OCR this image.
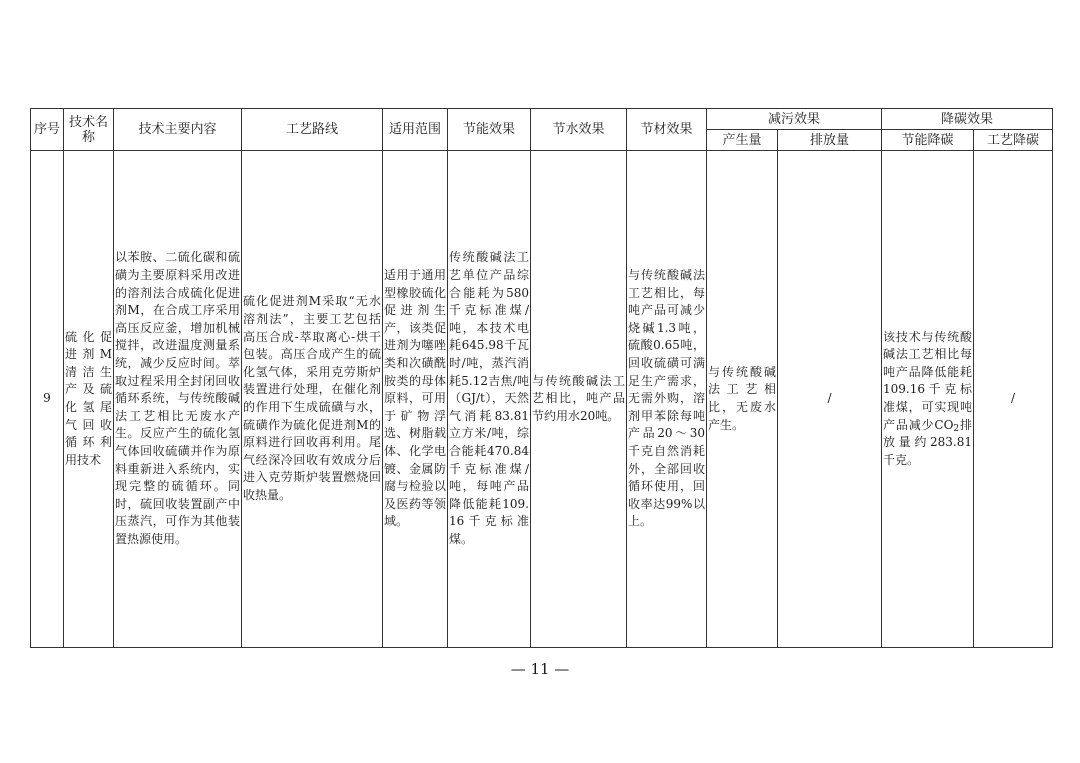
序号	技术名称	技术主要内容	工艺路线	适用范围	节能效果	节水效果	节材效果	减污效果		降碳效果	
								产生量	排放量	节能降碳	工艺降碳

9	硫化促进剂M清洁生产及硫化氢尾气回收循环利用技术	以苯胺、二硫化碳和硫磺为主要原料采用改进的溶剂法合成硫化促进剂M，在合成工序采用高压反应釜，增加机械搅拌，改进温度测量系统，减少反应时间。萃取过程采用全封闭回收循环系统，与传统酸碱法工艺相比无废水产生。反应产生的硫化氢气体回收硫磺并作为原料重新进入系统内，实现完整的硫循环。同时，硫回收装置副产中压蒸汽，可作为其他装置热源使用。	硫化促进剂M采取“无水溶剂法”，主要工艺包括高压合成-萃取离心-烘干包装。高压合成产生的硫化氢气体，采用克劳斯炉装置进行处理，在催化剂的作用下生成硫磺与水，硫磺作为硫化促进剂M的原料进行回收再利用。尾气经深冷回收有效成分后进入克劳斯炉装置燃烧回收热量。	适用于通用型橡胶硫化促进剂生产，该类促进剂为噻唑类和次磺酰胺类的母体原料，可用于矿物浮选、树脂载体、化学电镀、金属防腐与检验以及医药等领域。	传统酸碱法工艺单位产品综合能耗为580千克标准煤/吨，本技术电耗645.98千瓦时/吨，蒸汽消耗5.12吉焦/吨（GJ/t），天然气消耗83.81立方米/吨，综合能耗470.84千克标准煤/吨，每吨产品降低能耗109.16千克标准煤。	与传统酸碱法工艺相比，吨产品节约用水20吨。	与传统酸碱法工艺相比，每吨产品可减少烧碱1.3吨，硫酸0.65吨，回收硫磺可满足生产需求，无需外购，溶剂甲苯除每吨产品20～30千克自然消耗外，全部回收循环使用，回收率达99%以上。	与传统酸碱法工艺相比，无废水产生。	/	该技术与传统酸碱法工艺相比每吨产品降低能耗109.16千克标准煤，可实现吨产品减少$CO_2$排放量约283.81千克。	/
— 11 —
